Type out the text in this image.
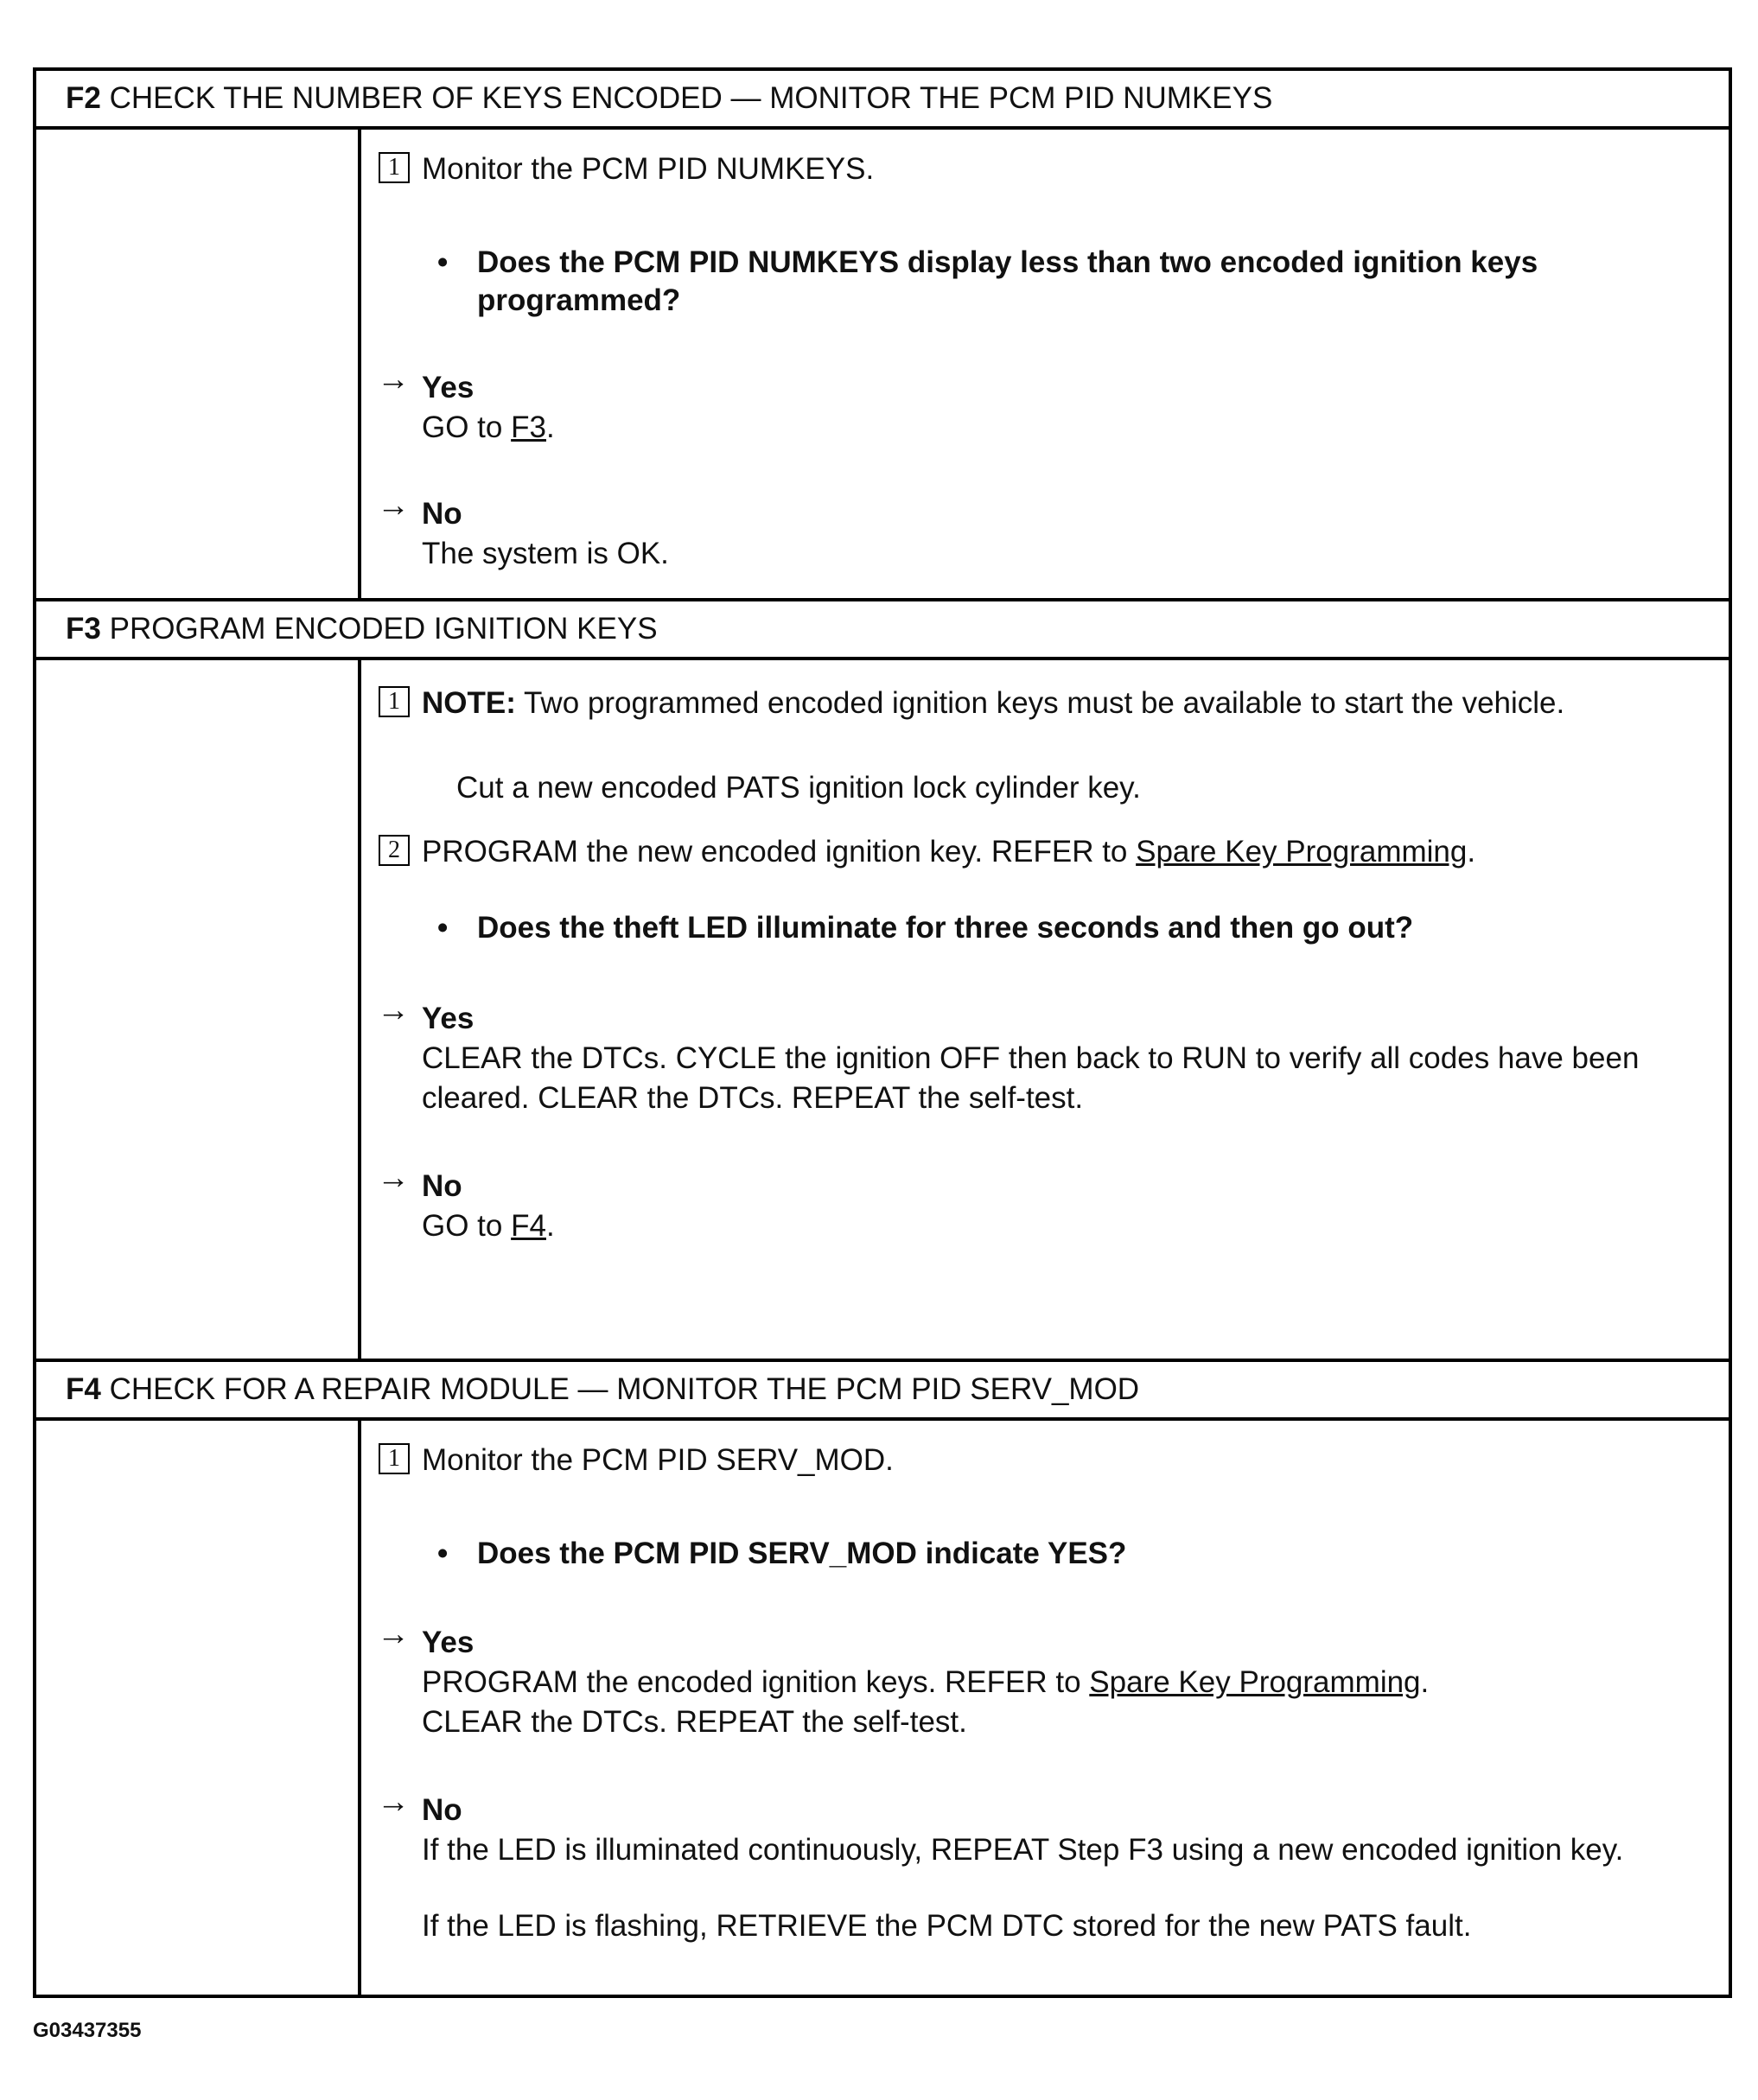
F2 CHECK THE NUMBER OF KEYS ENCODED — MONITOR THE PCM PID NUMKEYS
1 Monitor the PCM PID NUMKEYS.
• Does the PCM PID NUMKEYS display less than two encoded ignition keys programmed?
→ Yes
GO to F3.
→ No
The system is OK.
F3 PROGRAM ENCODED IGNITION KEYS
1 NOTE: Two programmed encoded ignition keys must be available to start the vehicle.
Cut a new encoded PATS ignition lock cylinder key.
2 PROGRAM the new encoded ignition key. REFER to Spare Key Programming.
• Does the theft LED illuminate for three seconds and then go out?
→ Yes
CLEAR the DTCs. CYCLE the ignition OFF then back to RUN to verify all codes have been cleared. CLEAR the DTCs. REPEAT the self-test.
→ No
GO to F4.
F4 CHECK FOR A REPAIR MODULE — MONITOR THE PCM PID SERV_MOD
1 Monitor the PCM PID SERV_MOD.
• Does the PCM PID SERV_MOD indicate YES?
→ Yes
PROGRAM the encoded ignition keys. REFER to Spare Key Programming.
CLEAR the DTCs. REPEAT the self-test.
→ No
If the LED is illuminated continuously, REPEAT Step F3 using a new encoded ignition key.
If the LED is flashing, RETRIEVE the PCM DTC stored for the new PATS fault.
G03437355
